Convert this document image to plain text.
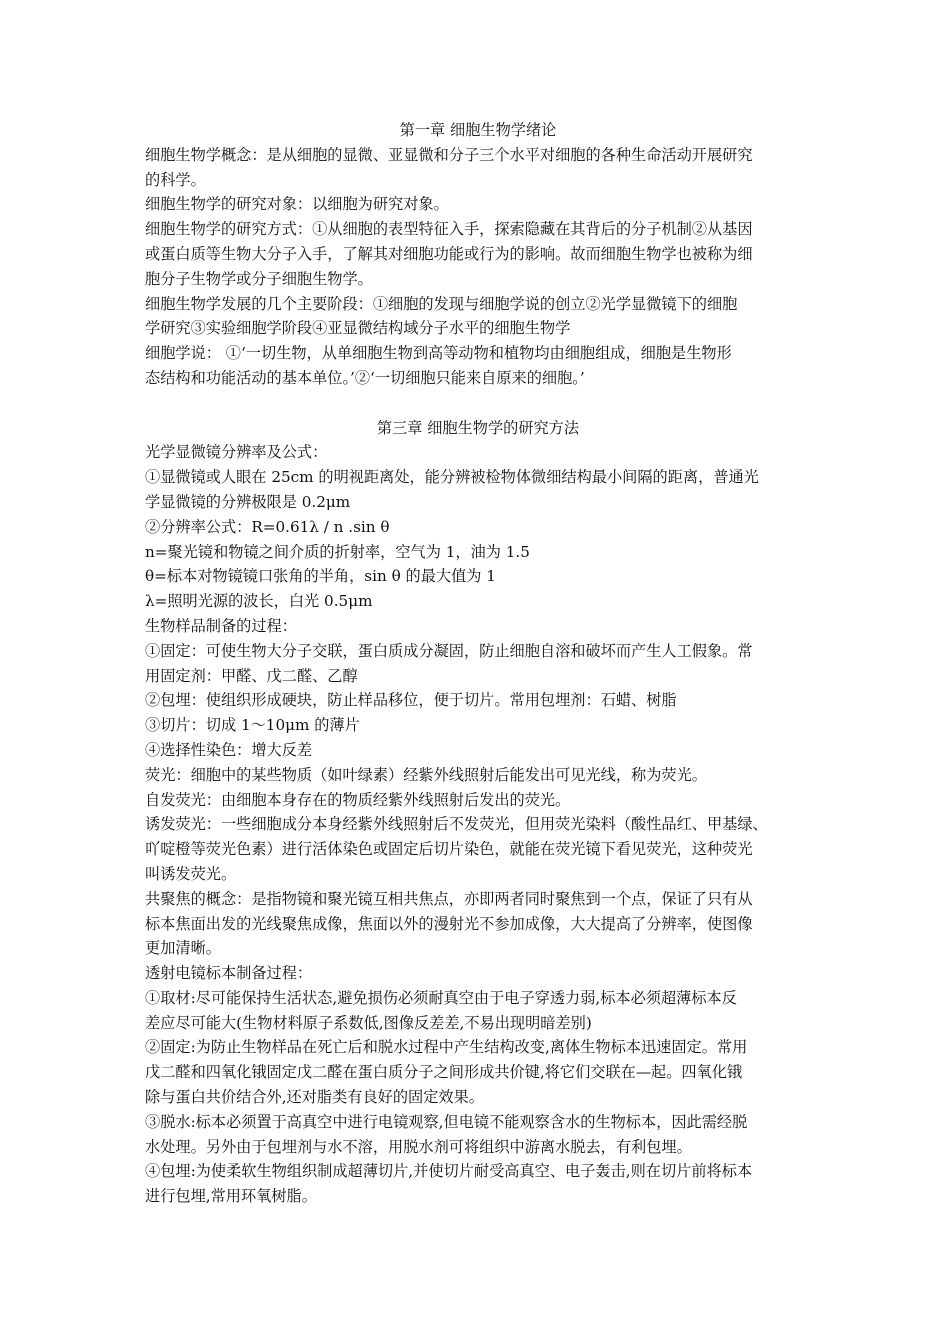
第一章 细胞生物学绪论
细胞生物学概念：是从细胞的显微、亚显微和分子三个水平对细胞的各种生命活动开展研究
的科学。
细胞生物学的研究对象：以细胞为研究对象。
细胞生物学的研究方式：①从细胞的表型特征入手，探索隐藏在其背后的分子机制②从基因
或蛋白质等生物大分子入手，了解其对细胞功能或行为的影响。故而细胞生物学也被称为细
胞分子生物学或分子细胞生物学。
细胞生物学发展的几个主要阶段：①细胞的发现与细胞学说的创立②光学显微镜下的细胞
学研究③实验细胞学阶段④亚显微结构域分子水平的细胞生物学
细胞学说： ①‘一切生物，从单细胞生物到高等动物和植物均由细胞组成，细胞是生物形
态结构和功能活动的基本单位。’②‘一切细胞只能来自原来的细胞。’
第三章 细胞生物学的研究方法
光学显微镜分辨率及公式：
①显微镜或人眼在 25cm 的明视距离处，能分辨被检物体微细结构最小间隔的距离，普通光
学显微镜的分辨极限是 0.2μm
②分辨率公式：R=0.61λ / n .sin θ
n=聚光镜和物镜之间介质的折射率，空气为 1，油为 1.5
θ=标本对物镜镜口张角的半角，sin θ 的最大值为 1
λ=照明光源的波长，白光 0.5μm
生物样品制备的过程：
①固定：可使生物大分子交联，蛋白质成分凝固，防止细胞自溶和破坏而产生人工假象。常
用固定剂：甲醛、戊二醛、乙醇
②包埋：使组织形成硬块，防止样品移位，便于切片。常用包埋剂：石蜡、树脂
③切片：切成 1～10μm 的薄片
④选择性染色：增大反差
荧光：细胞中的某些物质（如叶绿素）经紫外线照射后能发出可见光线，称为荧光。
自发荧光：由细胞本身存在的物质经紫外线照射后发出的荧光。
诱发荧光：一些细胞成分本身经紫外线照射后不发荧光，但用荧光染料（酸性品红、甲基绿、
吖啶橙等荧光色素）进行活体染色或固定后切片染色，就能在荧光镜下看见荧光，这种荧光
叫诱发荧光。
共聚焦的概念：是指物镜和聚光镜互相共焦点，亦即两者同时聚焦到一个点，保证了只有从
标本焦面出发的光线聚焦成像，焦面以外的漫射光不参加成像，大大提高了分辨率，使图像
更加清晰。
透射电镜标本制备过程：
①取材:尽可能保持生活状态,避免损伤必须耐真空由于电子穿透力弱,标本必须超薄标本反
差应尽可能大(生物材料原子系数低,图像反差差,不易出现明暗差别)
②固定:为防止生物样品在死亡后和脱水过程中产生结构改变,离体生物标本迅速固定。常用
戊二醛和四氧化锇固定戊二醛在蛋白质分子之间形成共价键,将它们交联在—起。四氧化锇
除与蛋白共价结合外,还对脂类有良好的固定效果。
③脱水:标本必须置于高真空中进行电镜观察,但电镜不能观察含水的生物标本，因此需经脱
水处理。另外由于包埋剂与水不溶，用脱水剂可将组织中游离水脱去，有利包埋。
④包埋:为使柔软生物组织制成超薄切片,并使切片耐受高真空、电子轰击,则在切片前将标本
进行包埋,常用环氧树脂。
